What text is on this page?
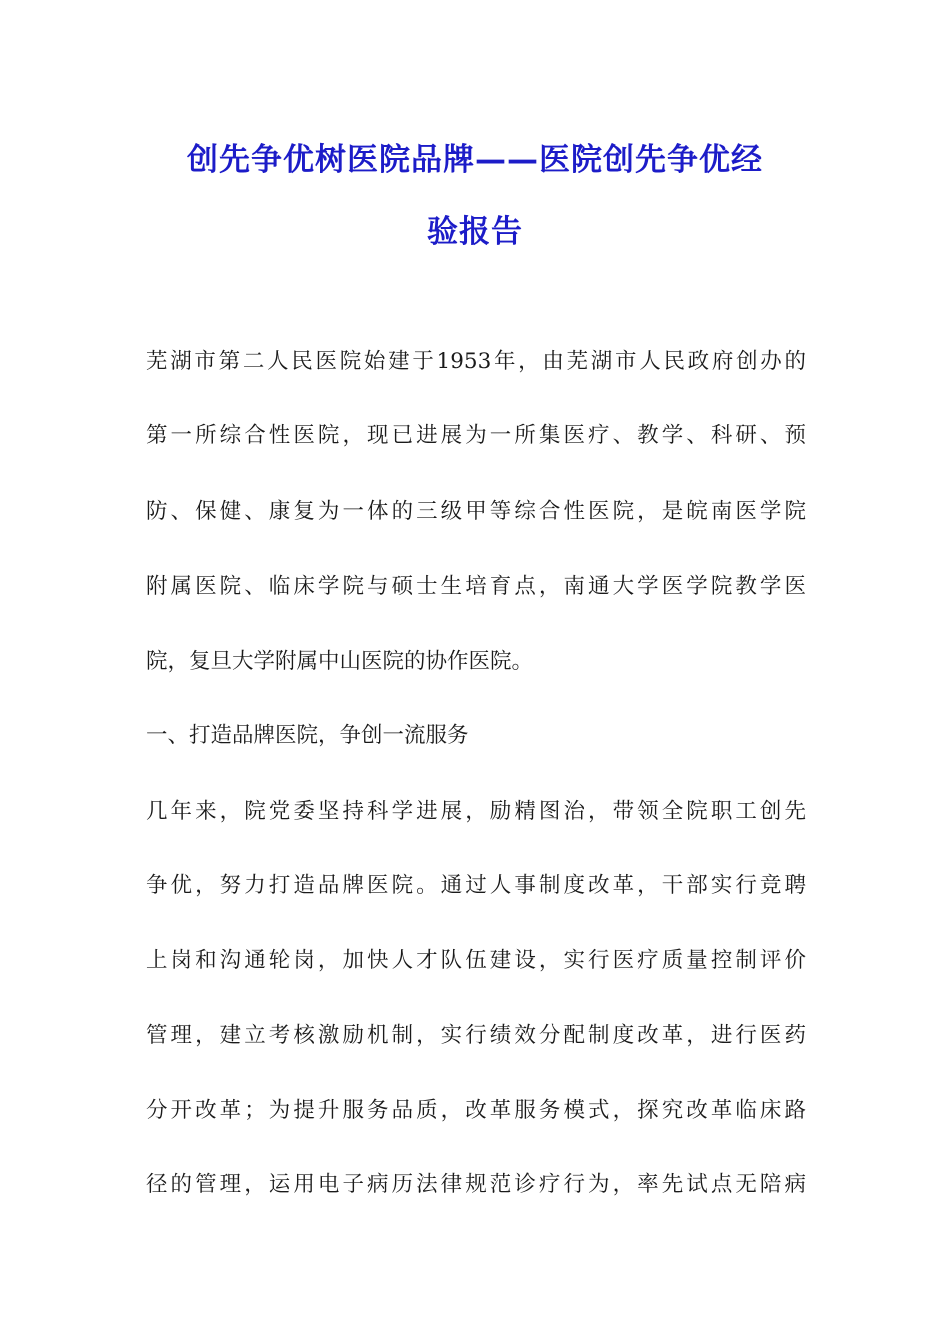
创先争优树医院品牌——医院创先争优经
验报告
芜湖市第二人民医院始建于1953年，由芜湖市人民政府创办的
第一所综合性医院，现已进展为一所集医疗、教学、科研、预
防、保健、康复为一体的三级甲等综合性医院，是皖南医学院
附属医院、临床学院与硕士生培育点，南通大学医学院教学医
院，复旦大学附属中山医院的协作医院。
一、打造品牌医院，争创一流服务
几年来，院党委坚持科学进展，励精图治，带领全院职工创先
争优，努力打造品牌医院。通过人事制度改革，干部实行竞聘
上岗和沟通轮岗，加快人才队伍建设，实行医疗质量控制评价
管理，建立考核激励机制，实行绩效分配制度改革，进行医药
分开改革；为提升服务品质，改革服务模式，探究改革临床路
径的管理，运用电子病历法律规范诊疗行为，率先试点无陪病
